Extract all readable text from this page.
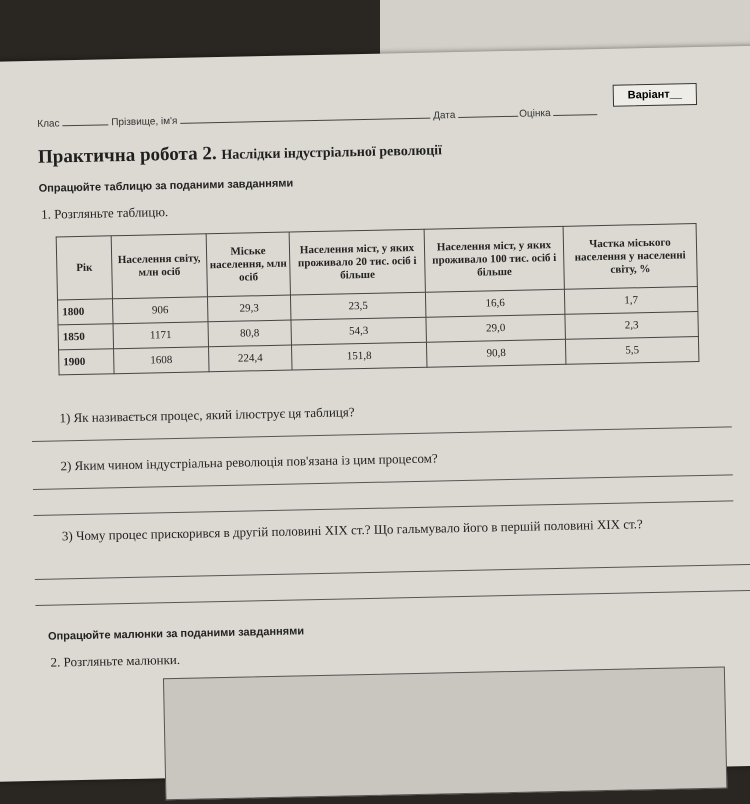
Клас	Прізвище, ім'я
Дата	Оцінка
Варіант__
Практична робота 2. Наслідки індустріальної революції
Опрацюйте таблицю за поданими завданнями
1. Розгляньте таблицю.
Рік	Населення світу, млн осіб	Міське населення, млн осіб	Населення міст, у яких проживало 20 тис. осіб і більше	Населення міст, у яких проживало 100 тис. осіб і більше	Частка міського населення у населенні світу, %
1800	906	29,3	23,5	16,6	1,7
1850	1171	80,8	54,3	29,0	2,3
1900	1608	224,4	151,8	90,8	5,5
1) Як називається процес, який ілюструє ця таблиця?
2) Яким чином індустріальна революція пов'язана із цим процесом?
3) Чому процес прискорився в другій половині XIX ст.? Що гальмувало його в першій половині XIX ст.?
Опрацюйте малюнки за поданими завданнями
2. Розгляньте малюнки.
